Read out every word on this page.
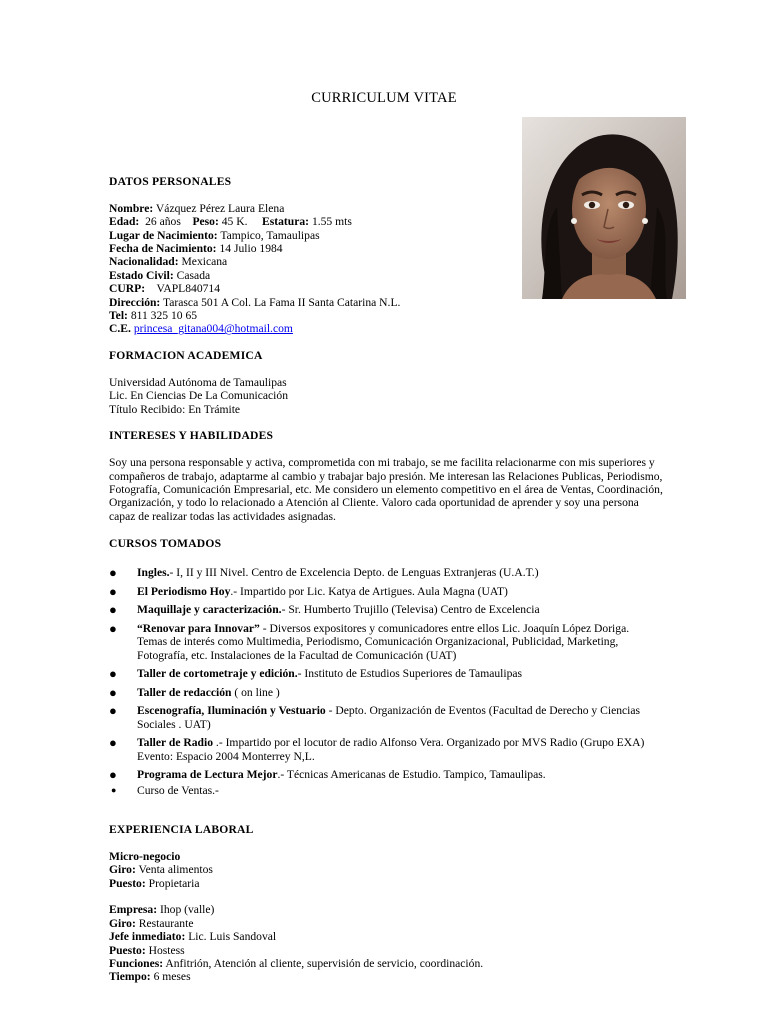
CURRICULUM VITAE
DATOS PERSONALES
Nombre: Vázquez Pérez Laura Elena
Edad: 26 años Peso: 45 K. Estatura: 1.55 mts
Lugar de Nacimiento: Tampico, Tamaulipas
Fecha de Nacimiento: 14 Julio 1984
Nacionalidad: Mexicana
Estado Civil: Casada
CURP: VAPL840714
Dirección: Tarasca 501 A Col. La Fama II Santa Catarina N.L.
Tel: 811 325 10 65
C.E. princesa_gitana004@hotmail.com
FORMACION ACADEMICA
Universidad Autónoma de Tamaulipas
Lic. En Ciencias De La Comunicación
Título Recibido: En Trámite
INTERESES Y HABILIDADES
Soy una persona responsable y activa, comprometida con mi trabajo, se me facilita relacionarme con mis superiores y
compañeros de trabajo, adaptarme al cambio y trabajar bajo presión. Me interesan las Relaciones Publicas, Periodismo,
Fotografía, Comunicación Empresarial, etc. Me considero un elemento competitivo en el área de Ventas, Coordinación,
Organización, y todo lo relacionado a Atención al Cliente. Valoro cada oportunidad de aprender y soy una persona
capaz de realizar todas las actividades asignadas.
CURSOS TOMADOS
● Ingles.- I, II y III Nivel. Centro de Excelencia Depto. de Lenguas Extranjeras (U.A.T.)
● El Periodismo Hoy.- Impartido por Lic. Katya de Artigues. Aula Magna (UAT)
● Maquillaje y caracterización.- Sr. Humberto Trujillo (Televisa) Centro de Excelencia
● “Renovar para Innovar” - Diversos expositores y comunicadores entre ellos Lic. Joaquín López Doriga. Temas de interés como Multimedia, Periodismo, Comunicación Organizacional, Publicidad, Marketing, Fotografía, etc. Instalaciones de la Facultad de Comunicación (UAT)
● Taller de cortometraje y edición.- Instituto de Estudios Superiores de Tamaulipas
● Taller de redacción ( on line )
● Escenografía, Iluminación y Vestuario - Depto. Organización de Eventos (Facultad de Derecho y Ciencias Sociales . UAT)
● Taller de Radio .- Impartido por el locutor de radio Alfonso Vera. Organizado por MVS Radio (Grupo EXA) Evento: Espacio 2004 Monterrey N,L.
● Programa de Lectura Mejor.- Técnicas Americanas de Estudio. Tampico, Tamaulipas.
● Curso de Ventas.-
EXPERIENCIA LABORAL
Micro-negocio
Giro: Venta alimentos
Puesto: Propietaria
Empresa: Ihop (valle)
Giro: Restaurante
Jefe inmediato: Lic. Luis Sandoval
Puesto: Hostess
Funciones: Anfitrión, Atención al cliente, supervisión de servicio, coordinación.
Tiempo: 6 meses
